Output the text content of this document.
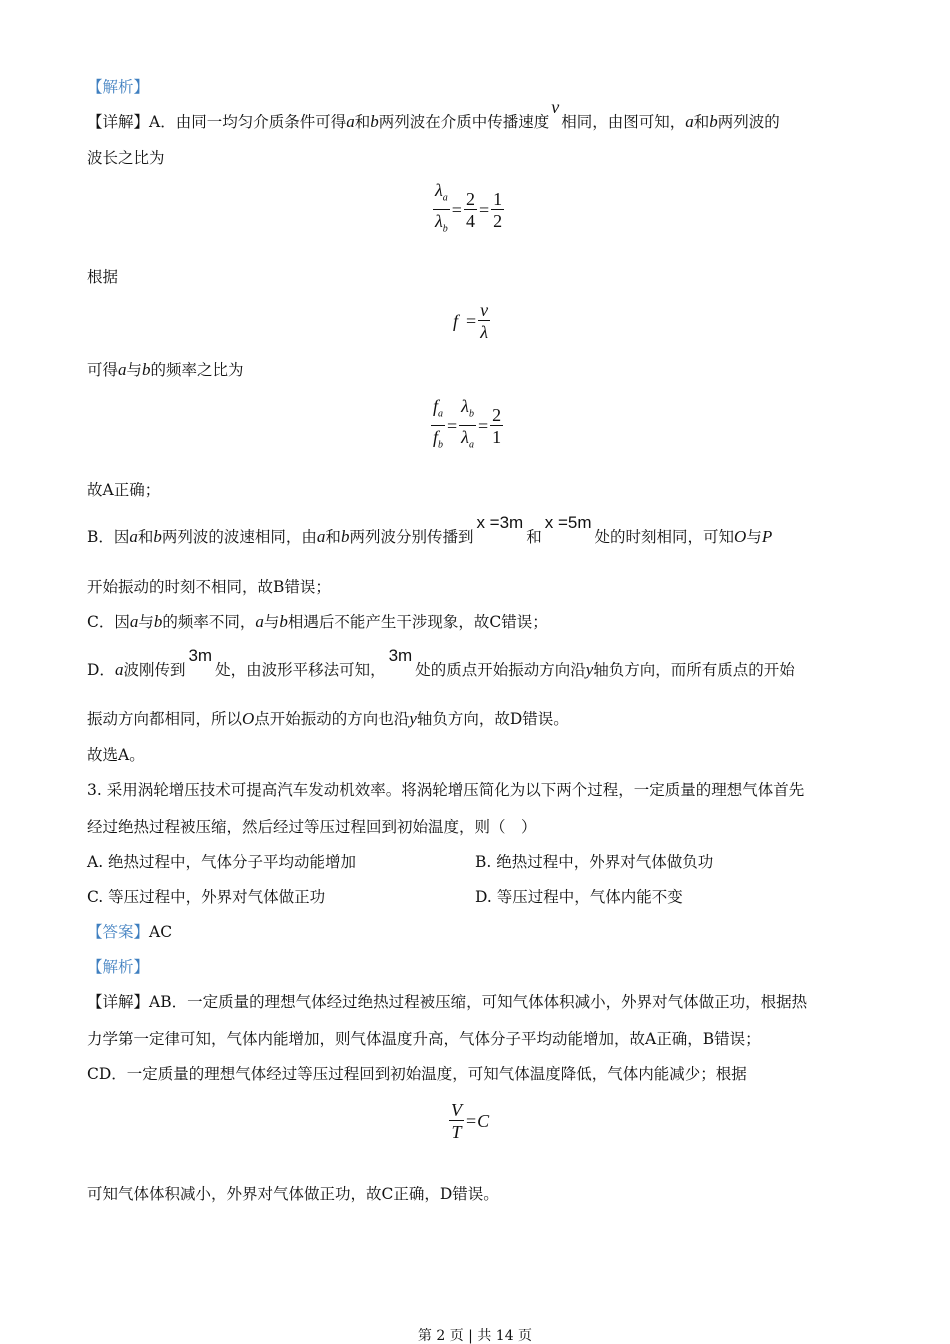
【解析】
【详解】A．由同一均匀介质条件可得a和b两列波在介质中传播速度v相同，由图可知，a和b两列波的
波长之比为
根据
可得a与b的频率之比为
故A正确；
B．因a和b两列波的波速相同，由a和b两列波分别传播到x =3m和x =5m处的时刻相同，可知O与P
开始振动的时刻不相同，故B错误；
C．因a与b的频率不同，a与b相遇后不能产生干涉现象，故C错误；
D．a波刚传到3m处，由波形平移法可知，3m处的质点开始振动方向沿y轴负方向，而所有质点的开始
振动方向都相同，所以O点开始振动的方向也沿y轴负方向，故D错误。
故选A。
3. 采用涡轮增压技术可提高汽车发动机效率。将涡轮增压简化为以下两个过程，一定质量的理想气体首先
经过绝热过程被压缩，然后经过等压过程回到初始温度，则（　）
A. 绝热过程中，气体分子平均动能增加	B. 绝热过程中，外界对气体做负功
C. 等压过程中，外界对气体做正功	D. 等压过程中，气体内能不变
【答案】AC
【解析】
【详解】AB．一定质量的理想气体经过绝热过程被压缩，可知气体体积减小，外界对气体做正功，根据热
力学第一定律可知，气体内能增加，则气体温度升高，气体分子平均动能增加，故A正确，B错误；
CD．一定质量的理想气体经过等压过程回到初始温度，可知气体温度降低，气体内能减少；根据
可知气体体积减小，外界对气体做正功，故C正确，D错误。
$\frac{\lambda_a}{\lambda_b} = \frac{2}{4} = \frac{1}{2}$
$f = \frac{v}{\lambda}$
$\frac{f_a}{f_b} = \frac{\lambda_b}{\lambda_a} = \frac{2}{1}$
$\frac{V}{T} = C$
第 2 页 | 共 14 页
